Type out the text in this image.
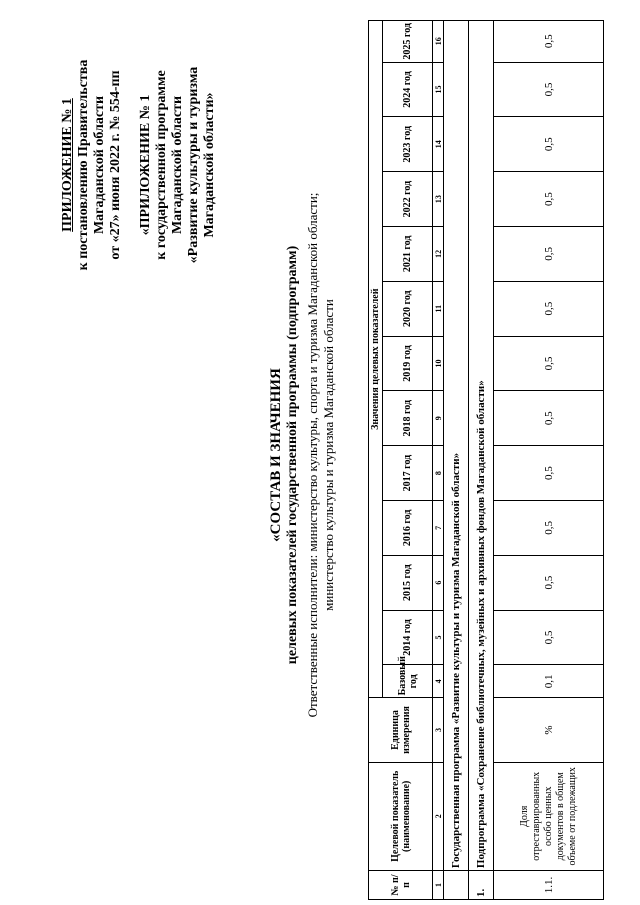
ПРИЛОЖЕНИЕ № 1 к постановлению Правительства Магаданской области от «27» июня 2022 г. № 554-пп «ПРИЛОЖЕНИЕ № 1 к государственной программе Магаданской области «Развитие культуры и туризма Магаданской области»
«СОСТАВ И ЗНАЧЕНИЯ целевых показателей государственной программы (подпрограмм) Ответственные исполнители: министерство культуры, спорта и туризма Магаданской области; министерство культуры и туризма Магаданской области
№ п/п	Целевой показатель (наименование)	Единица измерения	Значения целевых показателей												
			Базовый год	2014 год	2015 год	2016 год	2017 год	2018 год	2019 год	2020 год	2021 год	2022 год	2023 год	2024 год	2025 год
1	2	3	4	5	6	7	8	9	10	11	12	13	14	15	16
	Государственная программа «Развитие культуры и туризма Магаданской области»														
1.	Подпрограмма «Сохранение библиотечных, музейных и архивных фондов Магаданской области»														
1.1.	Доля отреставрированных особо ценных документов в общем объеме от подлежащих	%	0,1	0,5	0,5	0,5	0,5	0,5	0,5	0,5	0,5	0,5	0,5	0,5	0,5
